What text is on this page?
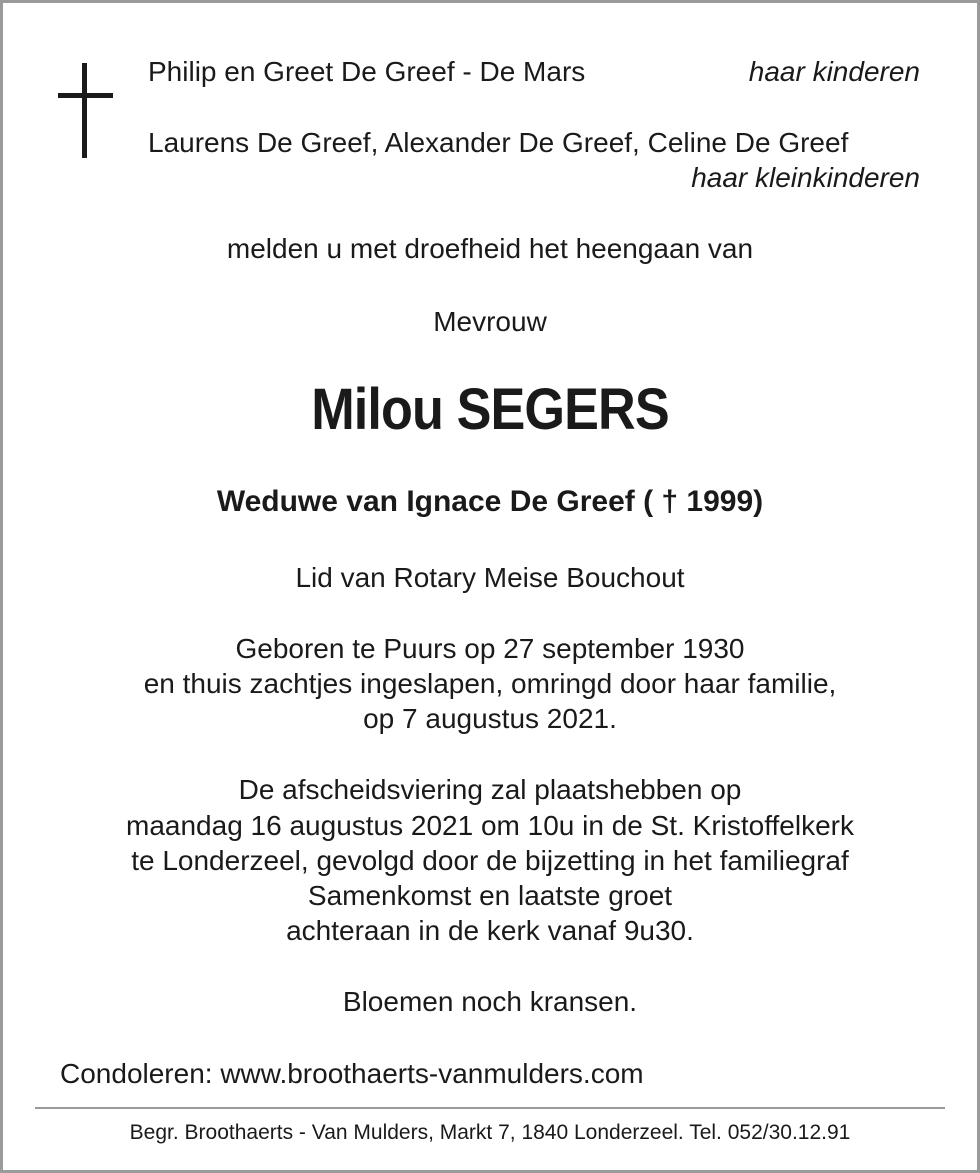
Philip en Greet De Greef - De Mars	haar kinderen
Laurens De Greef, Alexander De Greef, Celine De Greef
haar kleinkinderen
melden u met droefheid het heengaan van
Mevrouw
Milou SEGERS
Weduwe van Ignace De Greef ( † 1999)
Lid van Rotary Meise Bouchout
Geboren te Puurs op 27 september 1930
en thuis zachtjes ingeslapen, omringd door haar familie,
op 7 augustus 2021.
De afscheidsviering zal plaatshebben op
maandag 16 augustus 2021 om 10u in de St. Kristoffelkerk
te Londerzeel, gevolgd door de bijzetting in het familiegraf
Samenkomst en laatste groet
achteraan in de kerk vanaf 9u30.
Bloemen noch kransen.
Condoleren: www.broothaerts-vanmulders.com
Begr. Broothaerts - Van Mulders, Markt 7, 1840 Londerzeel. Tel. 052/30.12.91
